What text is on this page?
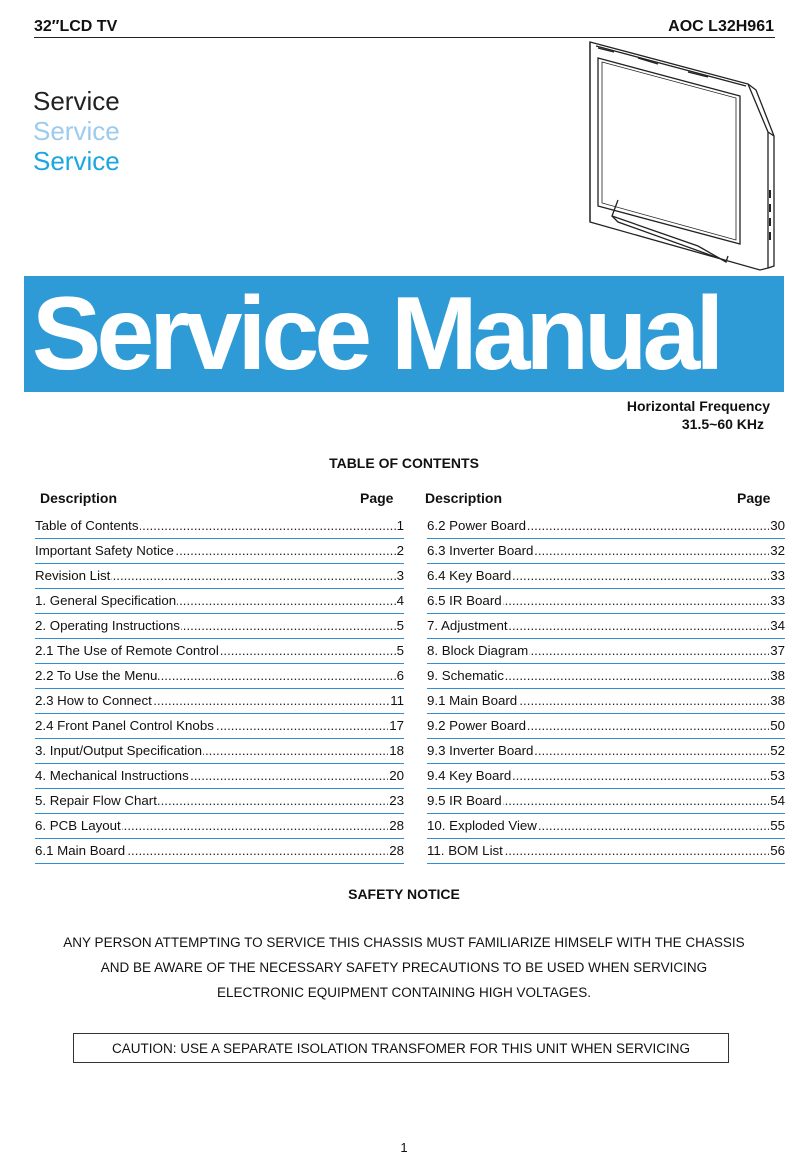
32″LCD TV	AOC L32H961
Service
Service
Service
Service Manual
Horizontal Frequency
31.5~60 KHz
TABLE OF CONTENTS
Description	Page Description	Page
.....
Table of Contents	1
.....
Important Safety Notice	2
.....
Revision List	3
.....
1. General Specification	4
.....
2. Operating Instructions	5
.....
2.1 The Use of Remote Control	5
.....
2.2 To Use the Menu	6
.....
2.3 How to Connect	11
.....
2.4 Front Panel Control Knobs	17
.....
3. Input/Output Specification	18
.....
4. Mechanical Instructions	20
.....
5. Repair Flow Chart	23
.....
6. PCB Layout	28
.....
6.1 Main Board	28
.....
6.2 Power Board	30
.....
6.3 Inverter Board	32
.....
6.4 Key Board	33
.....
6.5 IR Board	33
.....
7. Adjustment	34
.....
8. Block Diagram	37
.....
9. Schematic	38
.....
9.1 Main Board	38
.....
9.2 Power Board	50
.....
9.3 Inverter Board	52
.....
9.4 Key Board	53
.....
9.5 IR Board	54
.....
10. Exploded View	55
.....
11. BOM List	56
SAFETY NOTICE
ANY PERSON ATTEMPTING TO SERVICE THIS CHASSIS MUST FAMILIARIZE HIMSELF WITH THE CHASSIS
AND BE AWARE OF THE NECESSARY SAFETY PRECAUTIONS TO BE USED WHEN SERVICING
ELECTRONIC EQUIPMENT CONTAINING HIGH VOLTAGES.
CAUTION: USE A SEPARATE ISOLATION TRANSFOMER FOR THIS UNIT WHEN SERVICING
1
